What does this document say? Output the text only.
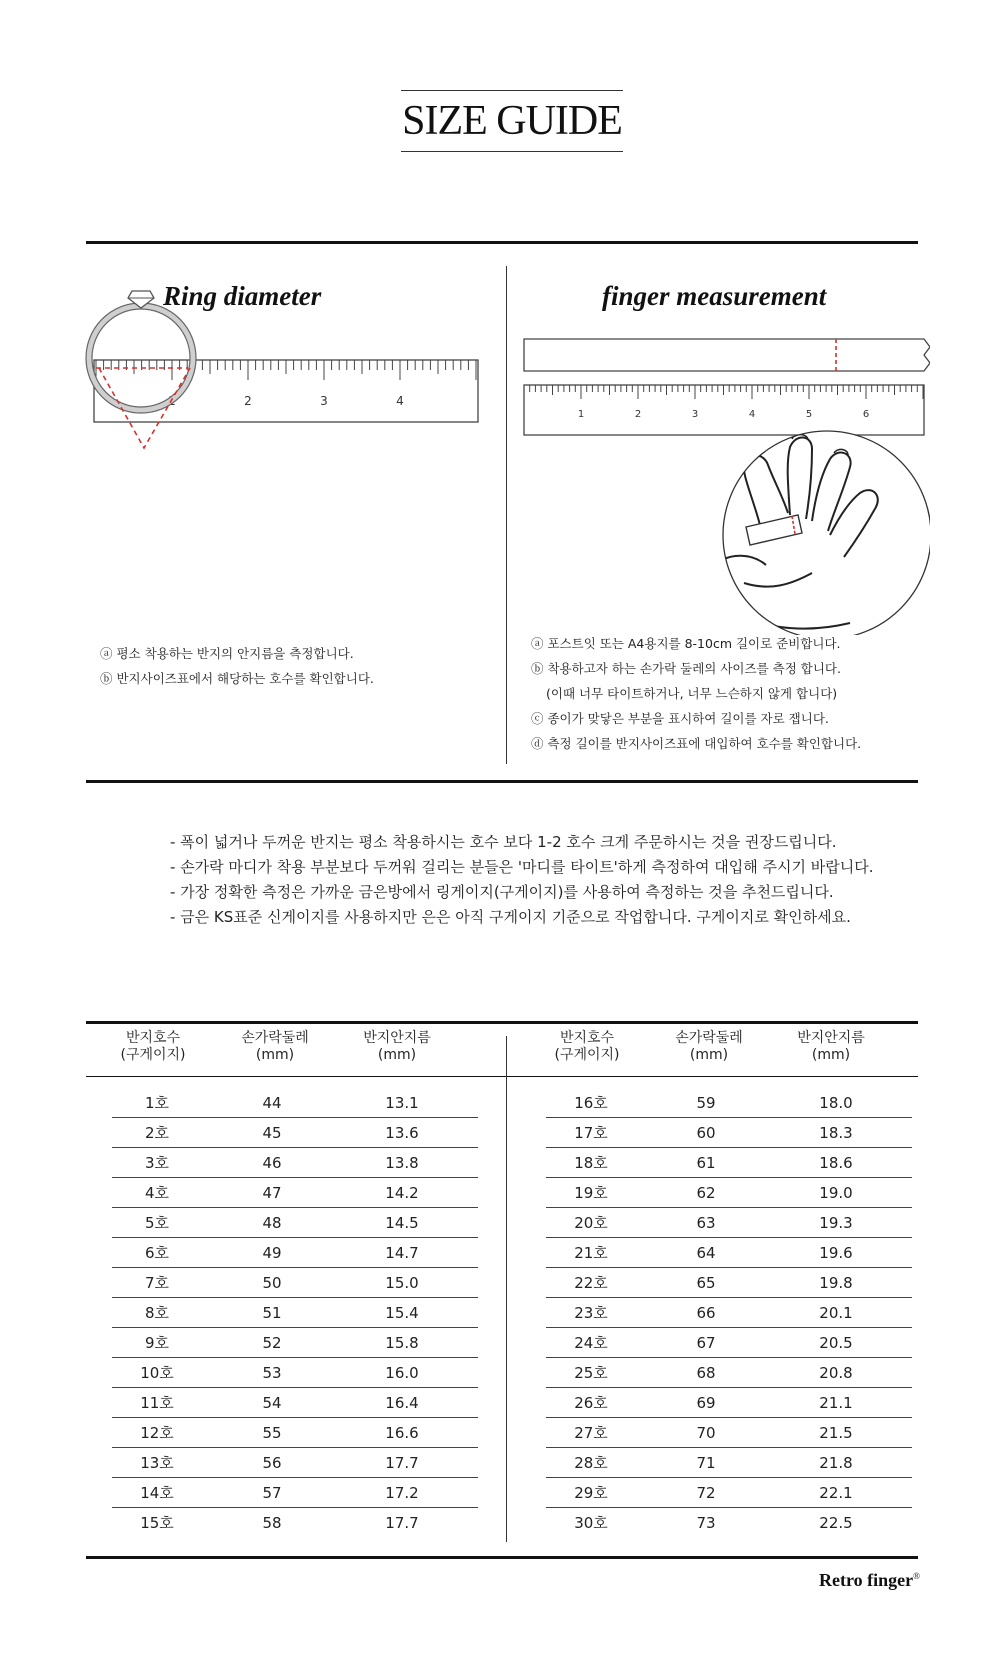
SIZE GUIDE
Ring diameter
1	2	3	4
ⓐ 평소 착용하는 반지의 안지름을 측정합니다.
ⓑ 반지사이즈표에서 해당하는 호수를 확인합니다.
finger measurement
1	2	3	4	5	6
ⓐ 포스트잇 또는 A4용지를 8-10cm 길이로 준비합니다.
ⓑ 착용하고자 하는 손가락 둘레의 사이즈를 측정 합니다.
(이때 너무 타이트하거나, 너무 느슨하지 않게 합니다)
ⓒ 종이가 맞닿은 부분을 표시하여 길이를 자로 잽니다.
ⓓ 측정 길이를 반지사이즈표에 대입하여 호수를 확인합니다.
- 폭이 넓거나 두꺼운 반지는 평소 착용하시는 호수 보다 1-2 호수 크게 주문하시는 것을 권장드립니다.
- 손가락 마디가 착용 부분보다 두꺼워 걸리는 분들은 '마디를 타이트'하게 측정하여 대입해 주시기 바랍니다.
- 가장 정확한 측정은 가까운 금은방에서 링게이지(구게이지)를 사용하여 측정하는 것을 추천드립니다.
- 금은 KS표준 신게이지를 사용하지만 은은 아직 구게이지 기준으로 작업합니다. 구게이지로 확인하세요.
반지호수
(구게이지)
손가락둘레
(mm)
반지안지름
(mm)
1호	44	13.1
2호	45	13.6
3호	46	13.8
4호	47	14.2
5호	48	14.5
6호	49	14.7
7호	50	15.0
8호	51	15.4
9호	52	15.8
10호	53	16.0
11호	54	16.4
12호	55	16.6
13호	56	17.7
14호	57	17.2
15호	58	17.7
반지호수
(구게이지)
손가락둘레
(mm)
반지안지름
(mm)
16호	59	18.0
17호	60	18.3
18호	61	18.6
19호	62	19.0
20호	63	19.3
21호	64	19.6
22호	65	19.8
23호	66	20.1
24호	67	20.5
25호	68	20.8
26호	69	21.1
27호	70	21.5
28호	71	21.8
29호	72	22.1
30호	73	22.5
Retro finger®
